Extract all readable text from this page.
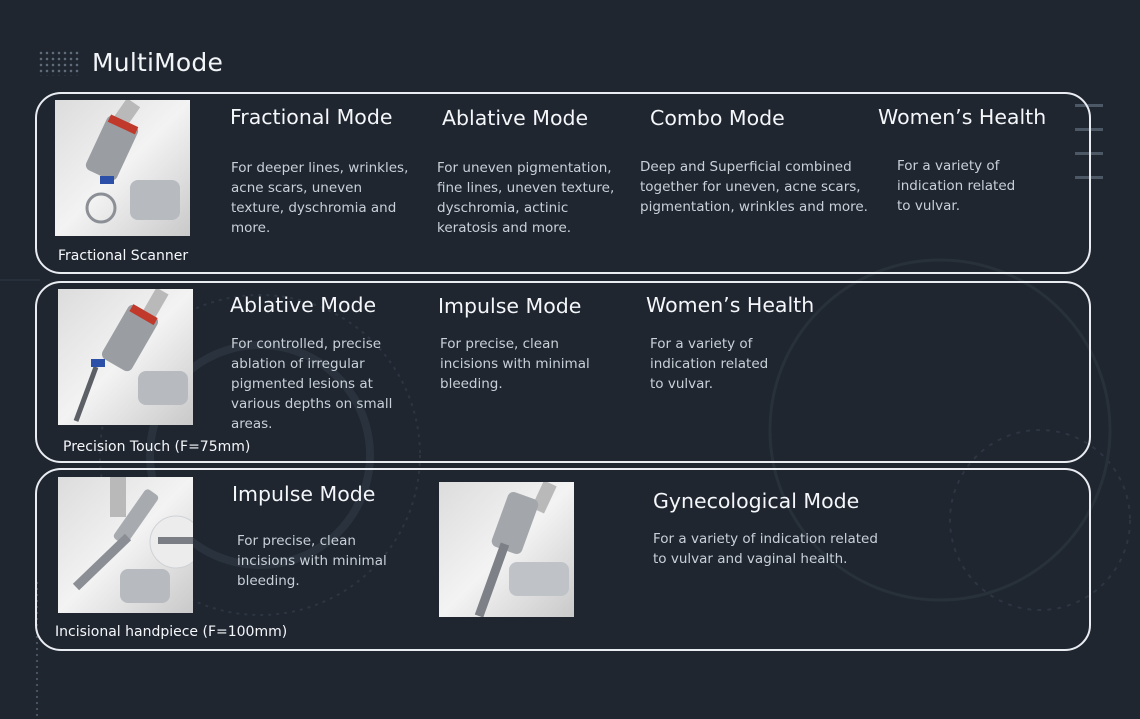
MultiMode
Fractional Scanner
Fractional Mode
For deeper lines, wrinkles, acne scars, uneven texture, dyschromia and more.
Ablative Mode
For uneven pigmentation, fine lines, uneven texture, dyschromia, actinic keratosis and more.
Combo Mode
Deep and Superficial combined together for uneven, acne scars, pigmentation, wrinkles and more.
Women’s Health
For a variety of indication related to vulvar.
Precision Touch (F=75mm)
Ablative Mode
For controlled, precise ablation of irregular pigmented lesions at various depths on small areas.
Impulse Mode
For precise, clean incisions with minimal bleeding.
Women’s Health
For a variety of indication related to vulvar.
Incisional handpiece (F=100mm)
Impulse Mode
For precise, clean incisions with minimal bleeding.
Gynecological Mode
For a variety of indication related to vulvar and vaginal health.
